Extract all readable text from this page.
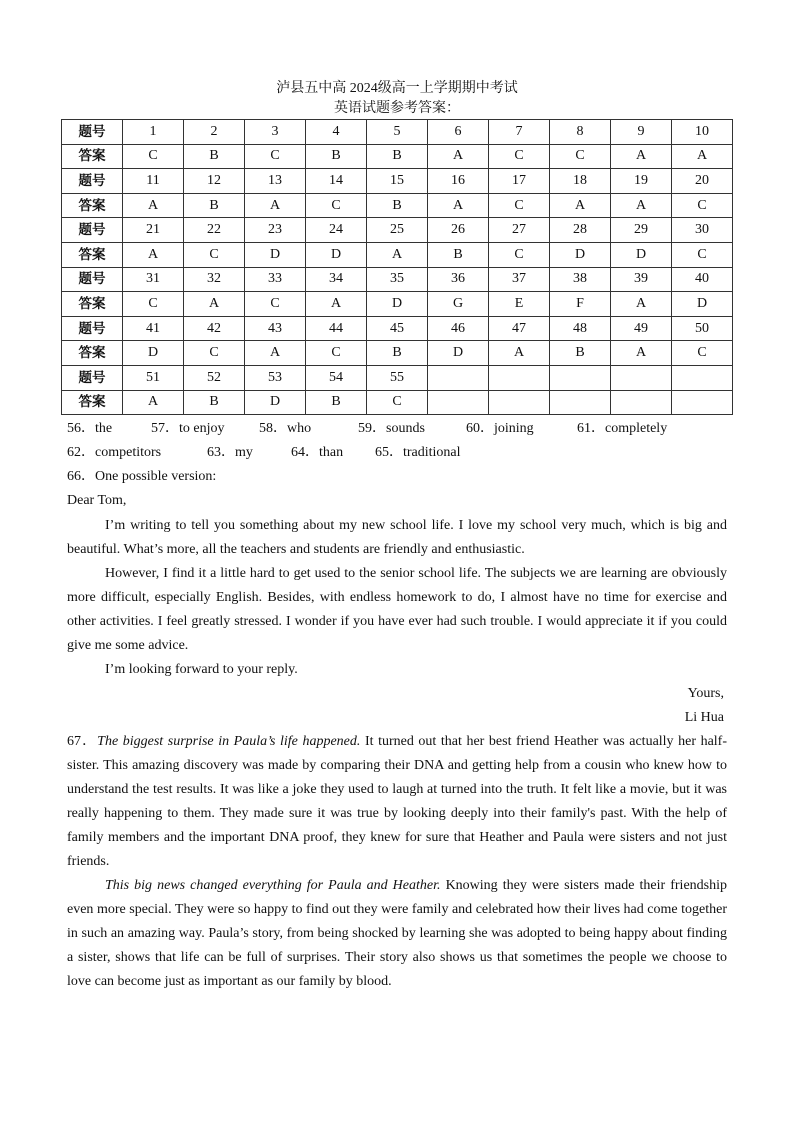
泸县五中高 2024级高一上学期期中考试
英语试题参考答案：
题号	1	2	3	4	5	6	7	8	9	10
答案	C	B	C	B	B	A	C	C	A	A
题号	11	12	13	14	15	16	17	18	19	20
答案	A	B	A	C	B	A	C	A	A	C
题号	21	22	23	24	25	26	27	28	29	30
答案	A	C	D	D	A	B	C	D	D	C
题号	31	32	33	34	35	36	37	38	39	40
答案	C	A	C	A	D	G	E	F	A	D
题号	41	42	43	44	45	46	47	48	49	50
答案	D	C	A	C	B	D	A	B	A	C
题号	51	52	53	54	55					
答案	A	B	D	B	C					
56．the	57．to enjoy 58．who	59．sounds	60．joining	61．completely
62．competitors	63．my	64．than 65．traditional
66．One possible version:
Dear Tom,
I’m writing to tell you something about my new school life. I love my school very much, which is big and beautiful. What’s more, all the teachers and students are friendly and enthusiastic.
However, I find it a little hard to get used to the senior school life. The subjects we are learning are obviously more difficult, especially English. Besides, with endless homework to do, I almost have no time for exercise and other activities. I feel greatly stressed. I wonder if you have ever had such trouble. I would appreciate it if you could give me some advice.
I’m looking forward to your reply.
Yours,
Li Hua
67．The biggest surprise in Paula’s life happened. It turned out that her best friend Heather was actually her half- sister. This amazing discovery was made by comparing their DNA and getting help from a cousin who knew how to understand the test results. It was like a joke they used to laugh at turned into the truth. It felt like a movie, but it was really happening to them. They made sure it was true by looking deeply into their family's past. With the help of family members and the important DNA proof, they knew for sure that Heather and Paula were sisters and not just friends.
This big news changed everything for Paula and Heather. Knowing they were sisters made their friendship even more special. They were so happy to find out they were family and celebrated how their lives had come together in such an amazing way. Paula’s story, from being shocked by learning she was adopted to being happy about finding a sister, shows that life can be full of surprises. Their story also shows us that sometimes the people we choose to love can become just as important as our family by blood.
